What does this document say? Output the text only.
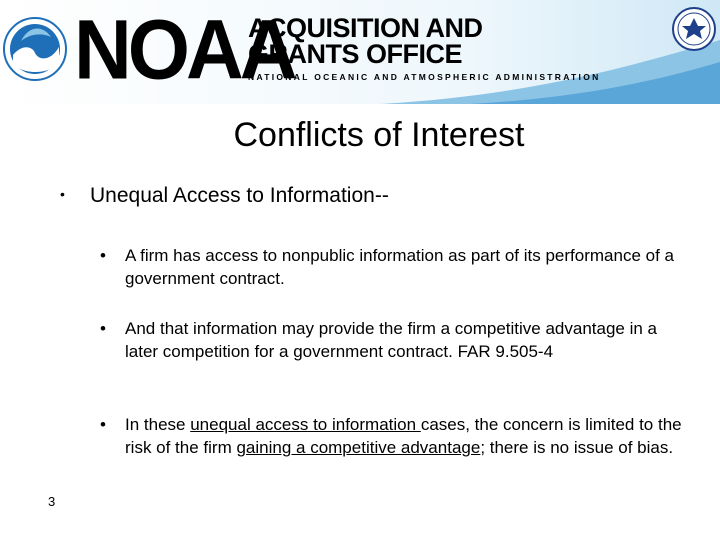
NOAA
ACQUISITION AND
GRANTS OFFICE
NATIONAL OCEANIC AND ATMOSPHERIC ADMINISTRATION
Conflicts of Interest
• Unequal Access to Information--
• A firm has access to nonpublic information as part of its performance of a government contract.
• And that information may provide the firm a competitive advantage in a later competition for a government contract. FAR 9.505-4
• In these unequal access to information cases, the concern is limited to the risk of the firm gaining a competitive advantage; there is no issue of bias.
3
